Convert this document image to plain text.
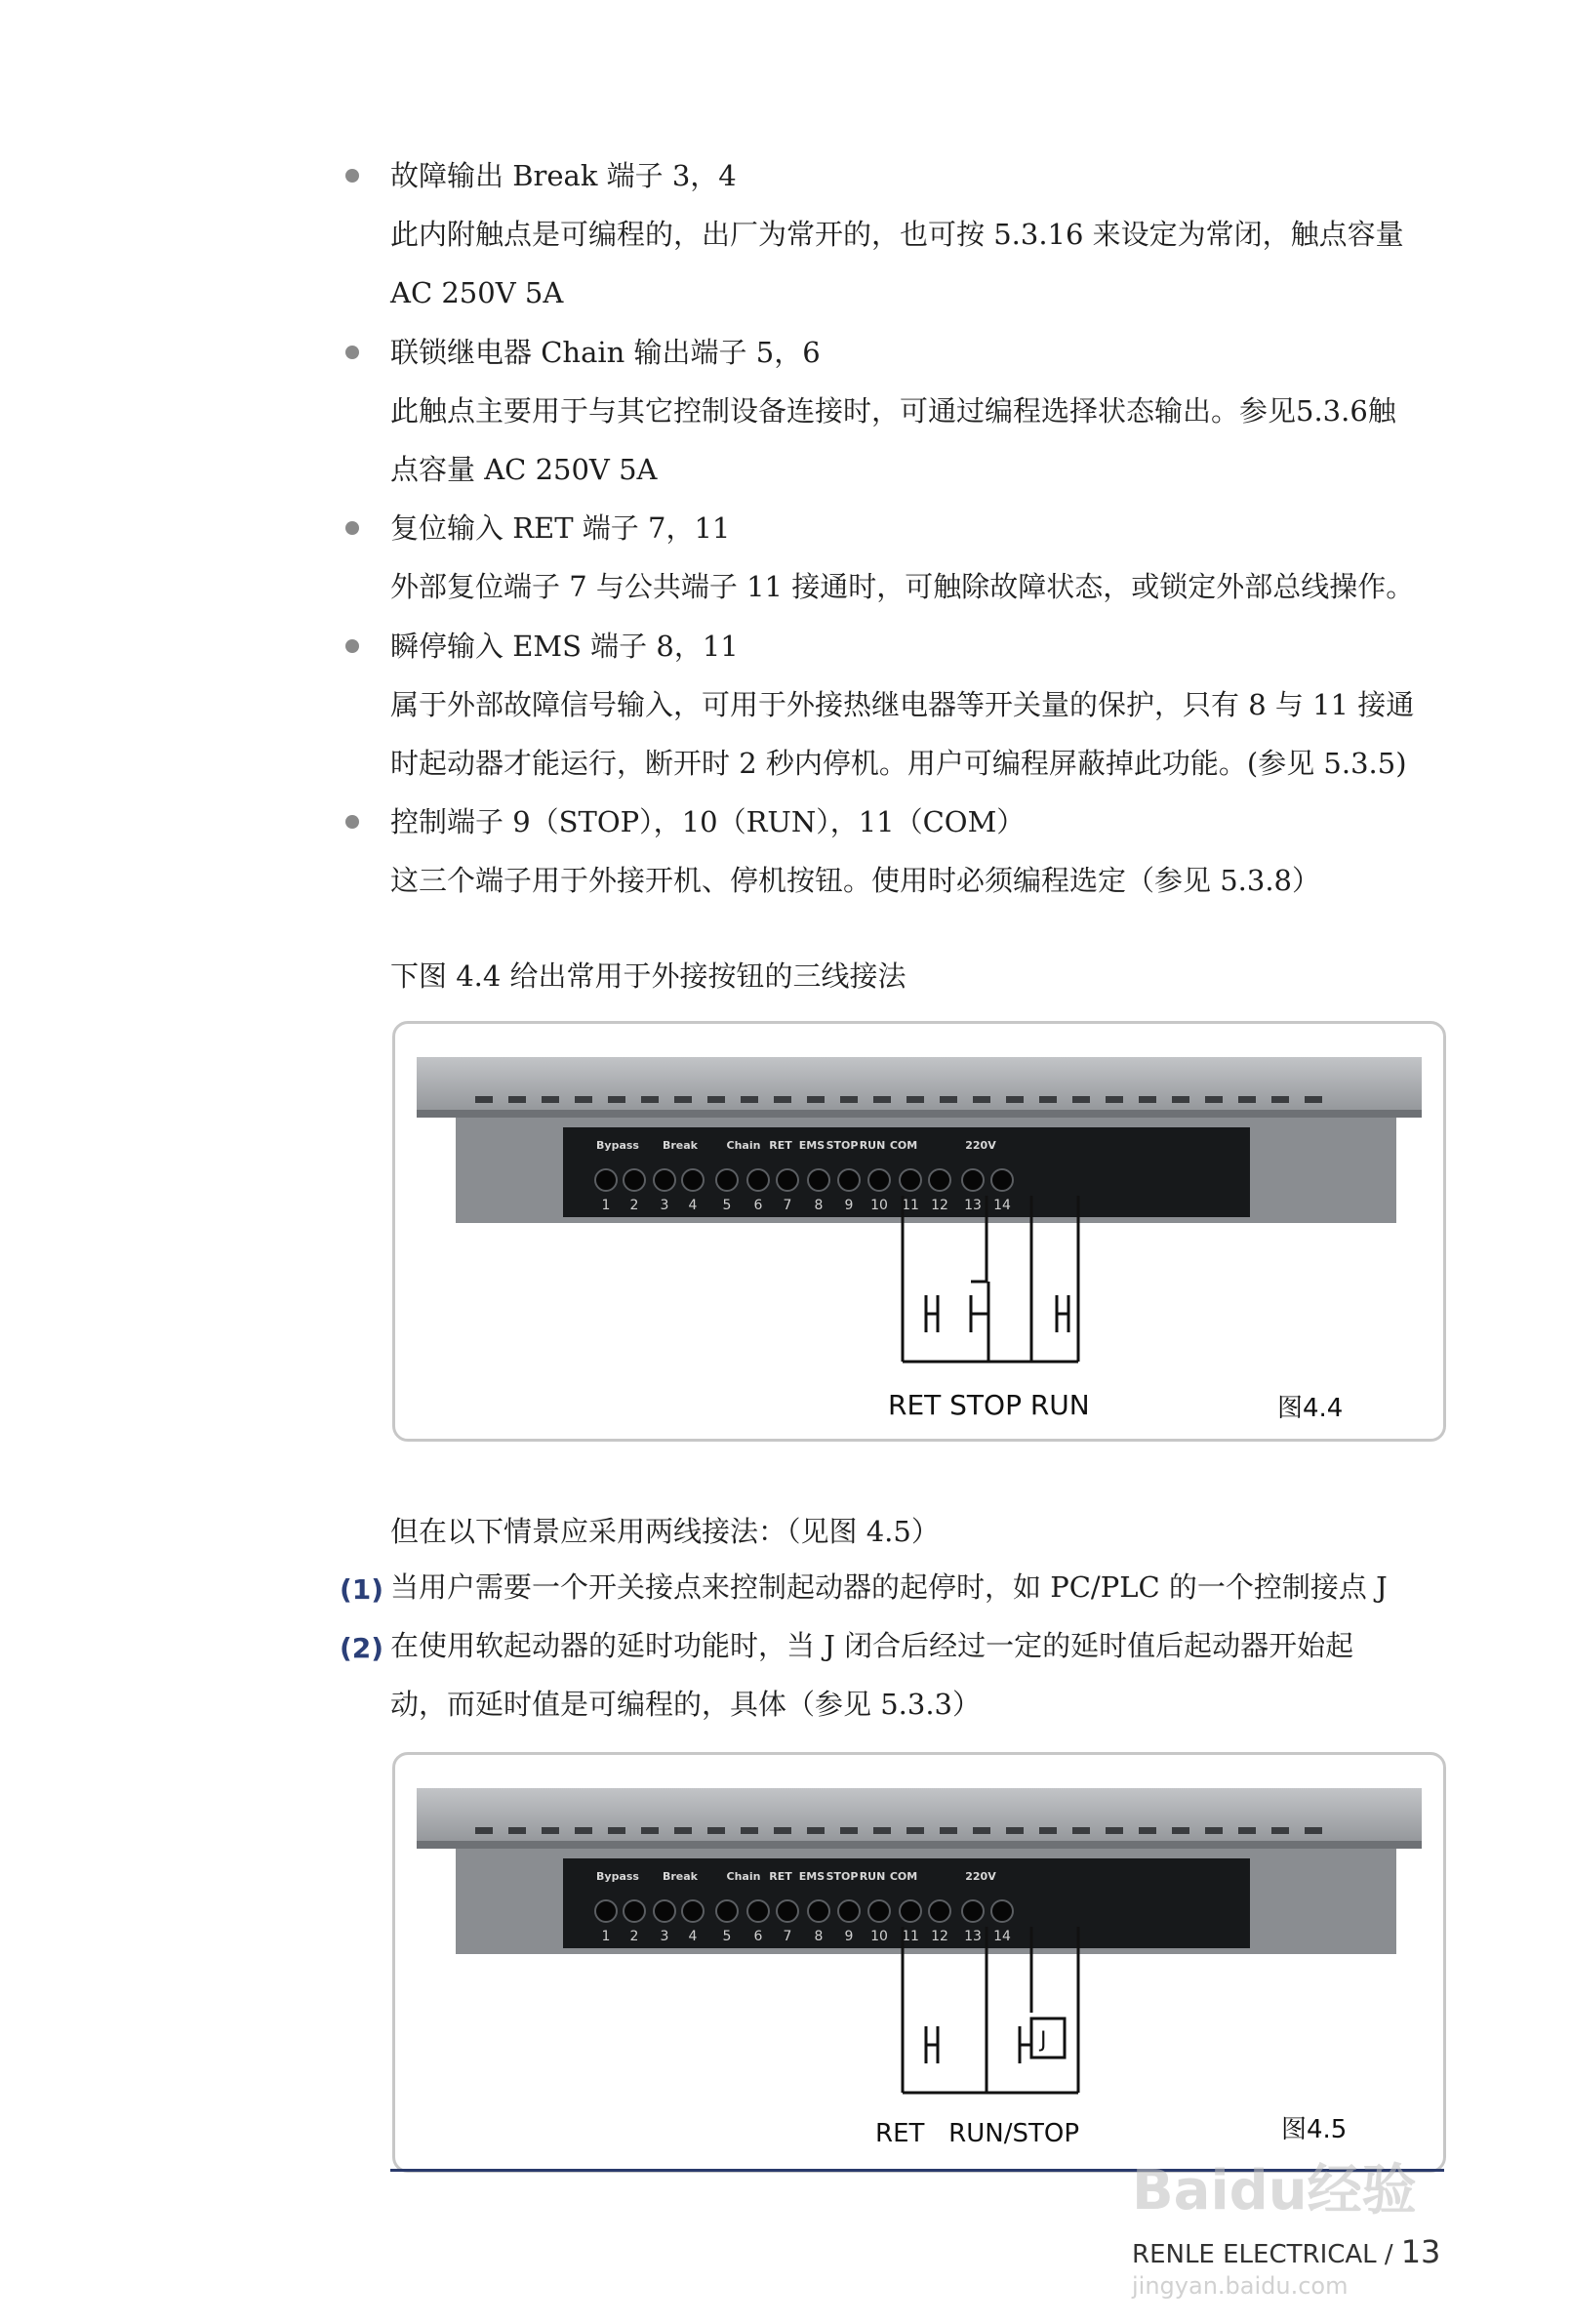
故障输出 Break 端子 3，4
此内附触点是可编程的，出厂为常开的，也可按 5.3.16 来设定为常闭，触点容量
AC 250V 5A
联锁继电器 Chain 输出端子 5，6
此触点主要用于与其它控制设备连接时，可通过编程选择状态输出。参见5.3.6触
点容量 AC 250V 5A
复位输入 RET 端子 7，11
外部复位端子 7 与公共端子 11 接通时，可触除故障状态，或锁定外部总线操作。
瞬停输入 EMS 端子 8，11
属于外部故障信号输入，可用于外接热继电器等开关量的保护，只有 8 与 11 接通
时起动器才能运行，断开时 2 秒内停机。用户可编程屏蔽掉此功能。(参见 5.3.5)
控制端子 9（STOP），10（RUN），11（COM）
这三个端子用于外接开机、停机按钮。使用时必须编程选定（参见 5.3.8）
下图 4.4 给出常用于外接按钮的三线接法
1 2 3 4 5 6 7 8 9 10 11 12 13 14
Bypass Break	Chain RET EMS STOP RUN COM	220V
RET STOP RUN	图4.4
但在以下情景应采用两线接法：（见图 4.5）
(1) 当用户需要一个开关接点来控制起动器的起停时，如 PC/PLC 的一个控制接点 J
(2) 在使用软起动器的延时功能时，当 J 闭合后经过一定的延时值后起动器开始起
动，而延时值是可编程的，具体（参见 5.3.3）
1 2 3 4 5 6 7 8 9 10 11 12 13 14
Bypass Break	Chain RET EMS STOP RUN COM	220V
J
RET   RUN/STOP	图4.5
Baidu经验
RENLE ELECTRICAL / 13
jingyan.baidu.com
